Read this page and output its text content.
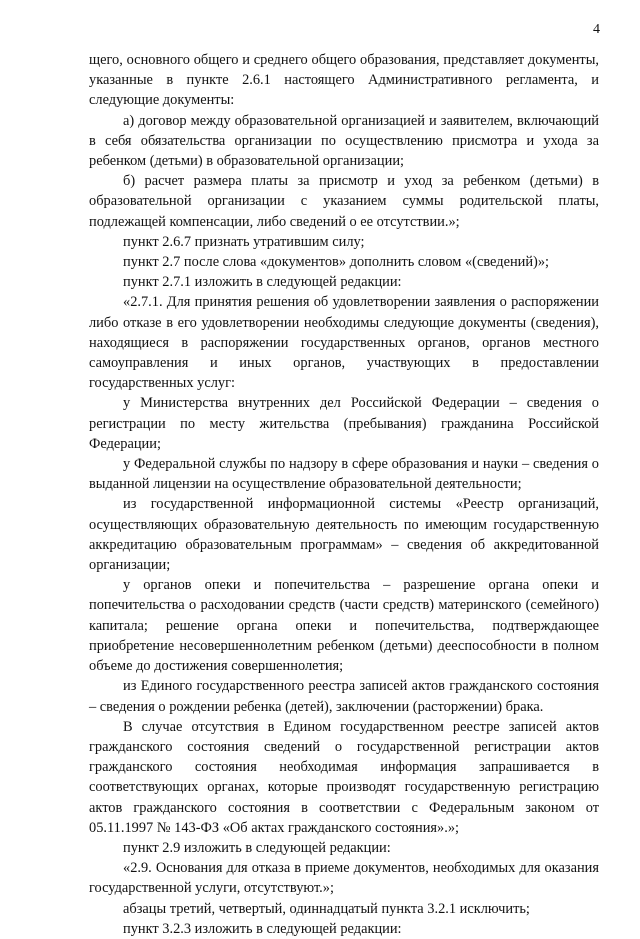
4

щего, основного общего и среднего общего образования, представляет документы, указанные в пункте 2.6.1 настоящего Административного регламента, и следующие документы:

а) договор между образовательной организацией и заявителем, включающий в себя обязательства организации по осуществлению присмотра и ухода за ребенком (детьми) в образовательной организации;

б) расчет размера платы за присмотр и уход за ребенком (детьми) в образовательной организации с указанием суммы родительской платы, подлежащей компенсации, либо сведений о ее отсутствии.»;

пункт 2.6.7 признать утратившим силу;

пункт 2.7 после слова «документов» дополнить словом «(сведений)»;

пункт 2.7.1 изложить в следующей редакции:

«2.7.1. Для принятия решения об удовлетворении заявления о распоряжении либо отказе в его удовлетворении необходимы следующие документы (сведения), находящиеся в распоряжении государственных органов, органов местного самоуправления и иных органов, участвующих в предоставлении государственных услуг:

у Министерства внутренних дел Российской Федерации – сведения о регистрации по месту жительства (пребывания) гражданина Российской Федерации;

у Федеральной службы по надзору в сфере образования и науки – сведения о выданной лицензии на осуществление образовательной деятельности;

из государственной информационной системы «Реестр организаций, осуществляющих образовательную деятельность по имеющим государственную аккредитацию образовательным программам» – сведения об аккредитованной организации;

у органов опеки и попечительства – разрешение органа опеки и попечительства о расходовании средств (части средств) материнского (семейного) капитала; решение органа опеки и попечительства, подтверждающее приобретение несовершеннолетним ребенком (детьми) дееспособности в полном объеме до достижения совершеннолетия;

из Единого государственного реестра записей актов гражданского состояния – сведения о рождении ребенка (детей), заключении (расторжении) брака.

В случае отсутствия в Едином государственном реестре записей актов гражданского состояния сведений о государственной регистрации актов гражданского состояния необходимая информация запрашивается в соответствующих органах, которые производят государственную регистрацию актов гражданского состояния в соответствии с Федеральным законом от 05.11.1997 № 143-ФЗ «Об актах гражданского состояния».»;

пункт 2.9 изложить в следующей редакции:

«2.9. Основания для отказа в приеме документов, необходимых для оказания государственной услуги, отсутствуют.»;

абзацы третий, четвертый, одиннадцатый пункта 3.2.1 исключить;

пункт 3.2.3 изложить в следующей редакции:
